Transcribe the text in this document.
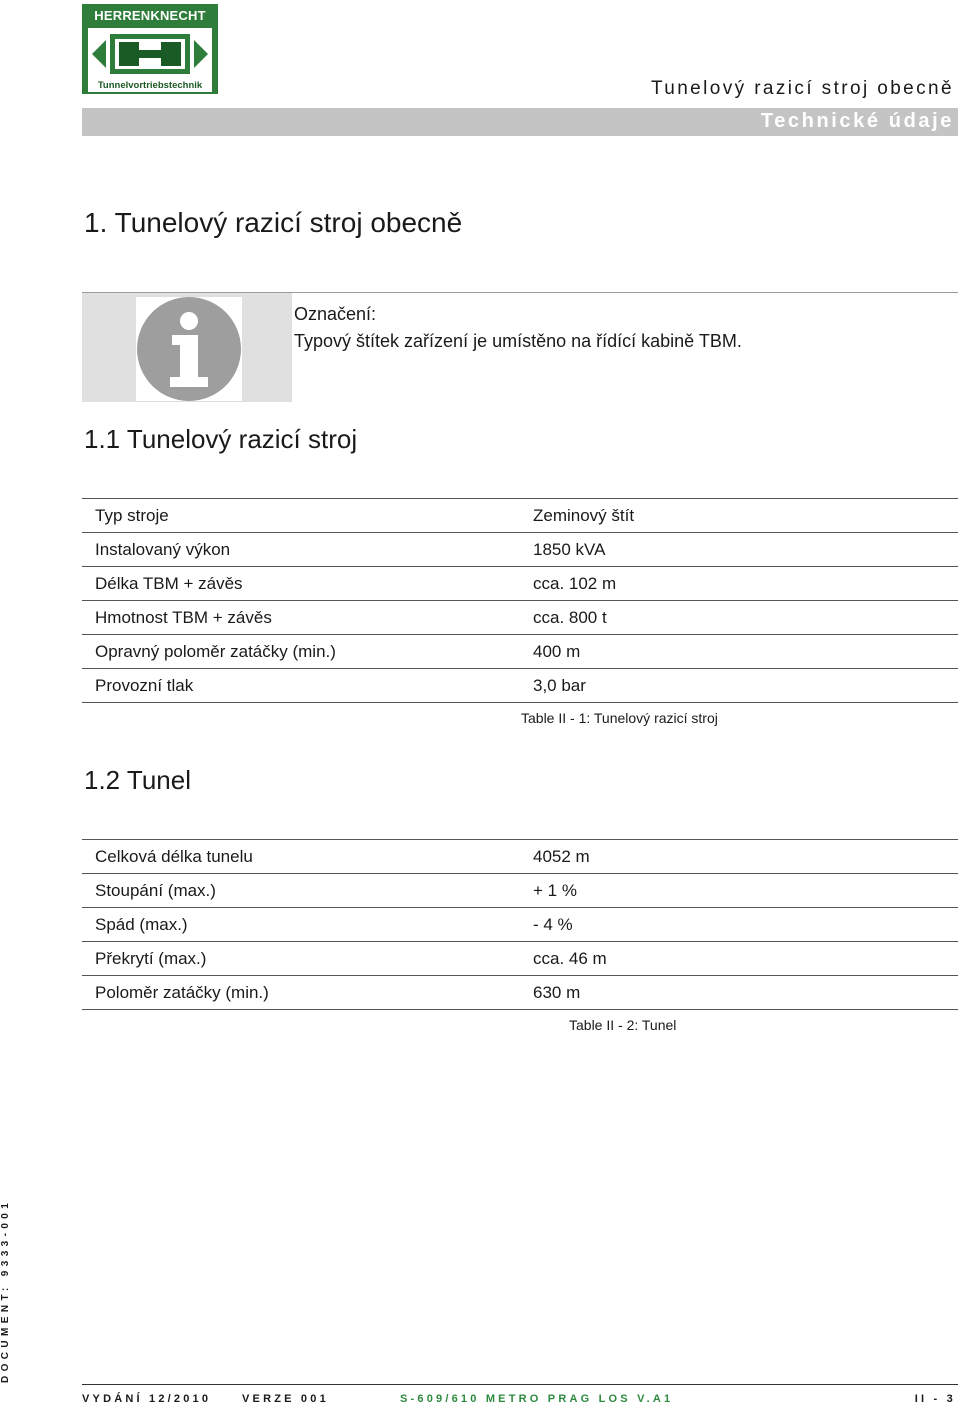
HERRENKNECHT
Tunnelvortriebstechnik	Tunelový razicí stroj obecně
Technické údaje
1. Tunelový razicí stroj obecně
Označení:
Typový štítek zařízení je umístěno na řídící kabině TBM.
1.1 Tunelový razicí stroj
Typ stroje	Zeminový štít
Instalovaný výkon	1850 kVA
Délka TBM + závěs	cca. 102 m
Hmotnost TBM + závěs	cca. 800 t
Opravný poloměr zatáčky (min.)	400 m
Provozní tlak	3,0 bar
Table II - 1: Tunelový razicí stroj
1.2 Tunel
Celková délka tunelu	4052 m
Stoupání (max.)	+ 1 %
Spád (max.)	- 4 %
Překrytí (max.)	cca. 46 m
Poloměr zatáčky (min.)	630 m
Table II - 2: Tunel
DOCUMENT: 9333-001
VYDÁNÍ 12/2010	VERZE 001	S-609/610 METRO PRAG LOS V.A1	II - 3
